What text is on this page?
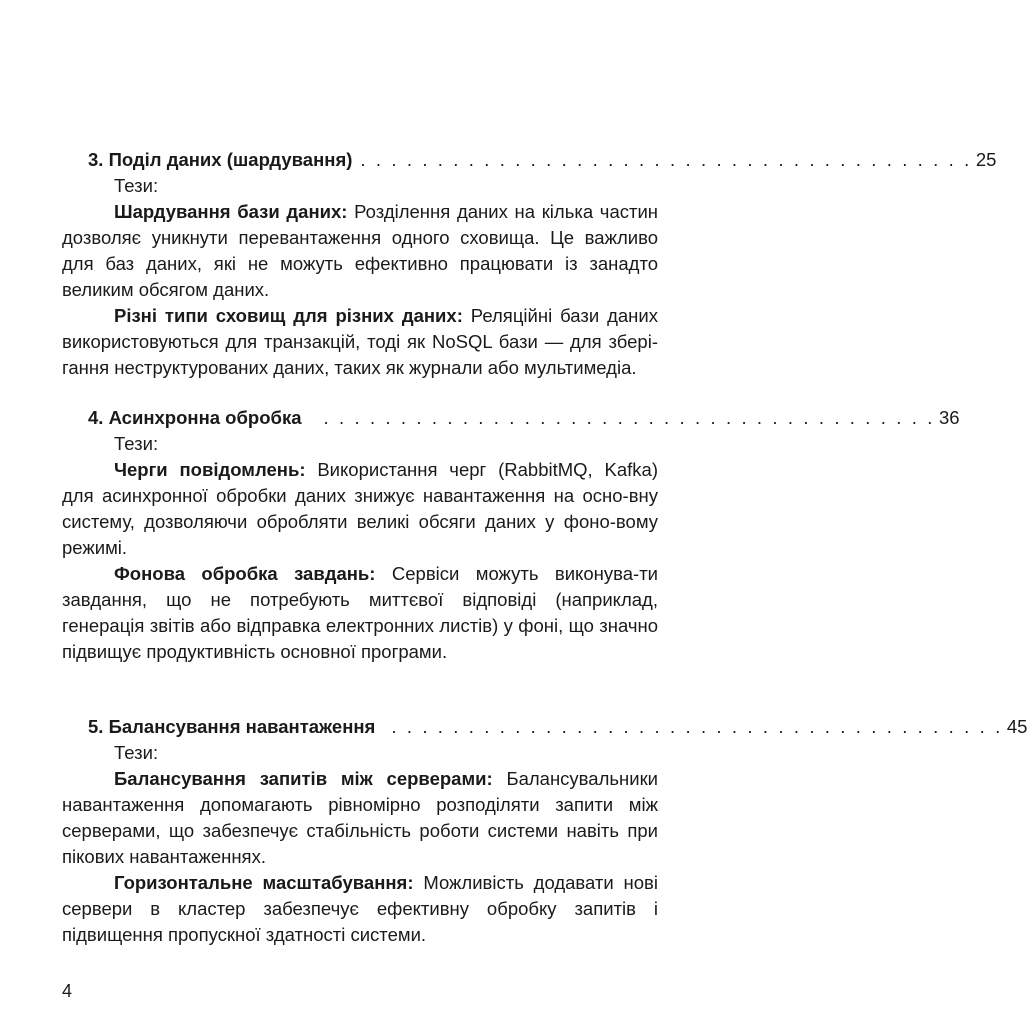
3. Поділ даних (шардування) . . . . . . . . . . . . . . . . . . . . . . . . . . . . . . . . . . . . . . . . 25
Тези:

Шардування бази даних: Розділення даних на кілька частин дозволяє уникнути перевантаження одного сховища. Це важливо для баз даних, які не можуть ефективно працювати із занадто великим обсягом даних.

Різні типи сховищ для різних даних: Реляційні бази даних використовуються для транзакцій, тоді як NoSQL бази — для збері-гання неструктурованих даних, таких як журнали або мультимедіа.

4. Асинхронна обробка . . . . . . . . . . . . . . . . . . . . . . . . . . . . . . . . . . . . . . . . 36
Тези:

Черги повідомлень: Використання черг (RabbitMQ, Kafka) для асинхронної обробки даних знижує навантаження на осно-вну систему, дозволяючи обробляти великі обсяги даних у фоно-вому режимі.

Фонова обробка завдань: Сервіси можуть виконува-ти завдання, що не потребують миттєвої відповіді (наприклад, генерація звітів або відправка електронних листів) у фоні, що значно підвищує продуктивність основної програми.

5. Балансування навантаження . . . . . . . . . . . . . . . . . . . . . . . . . . . . . . . . . . . . . . . . 45
Тези:

Балансування запитів між серверами: Балансувальники навантаження допомагають рівномірно розподіляти запити між серверами, що забезпечує стабільність роботи системи навіть при пікових навантаженнях.

Горизонтальне масштабування: Можливість додавати нові сервери в кластер забезпечує ефективну обробку запитів і підвищення пропускної здатності системи.

4
